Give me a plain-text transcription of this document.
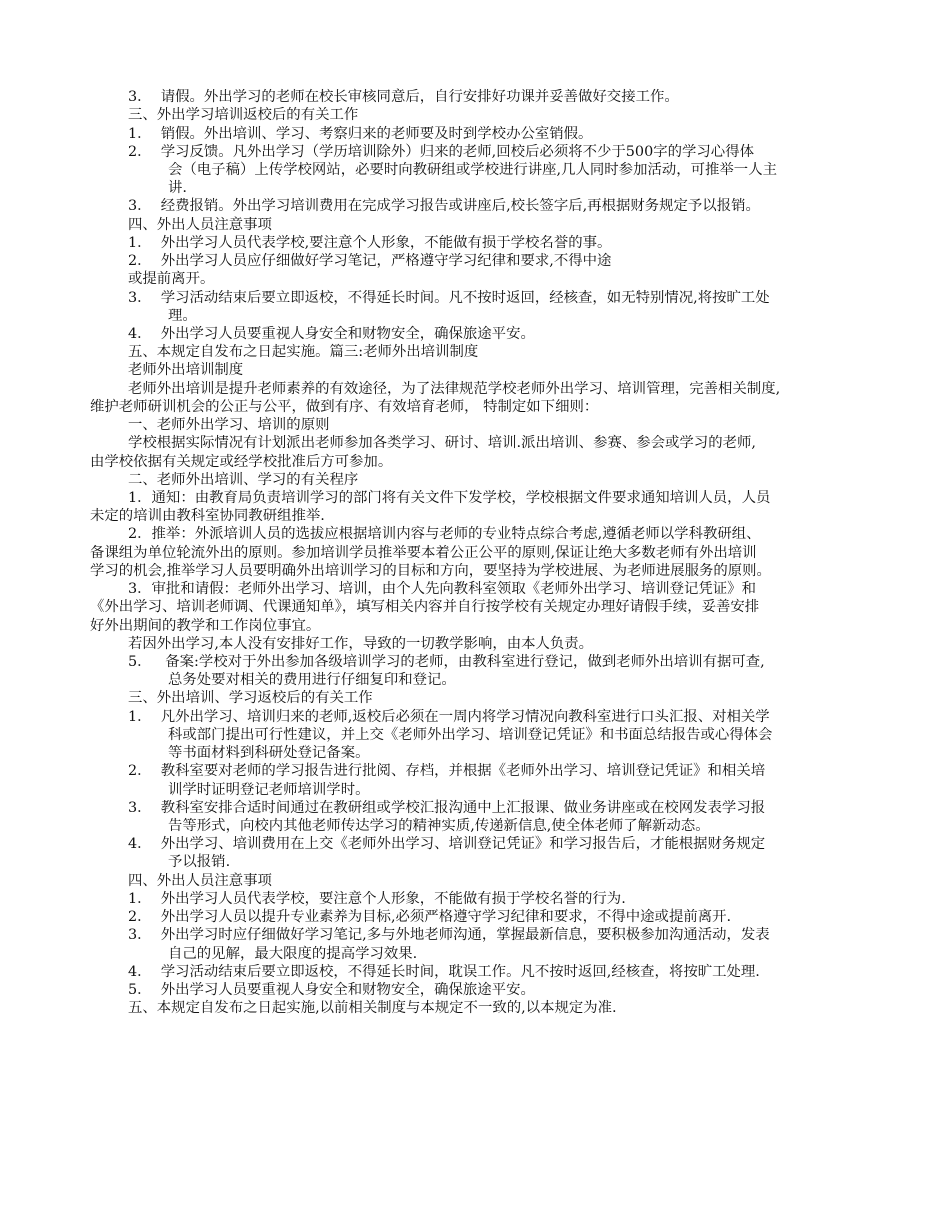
3．  请假。外出学习的老师在校长审核同意后，自行安排好功课并妥善做好交接工作。
三、外出学习培训返校后的有关工作
1．  销假。外出培训、学习、考察归来的老师要及时到学校办公室销假。
2．  学习反馈。凡外出学习（学历培训除外）归来的老师,回校后必须将不少于500字的学习心得体
会（电子稿）上传学校网站，必要时向教研组或学校进行讲座,几人同时参加活动，可推举一人主
讲.
3．  经费报销。外出学习培训费用在完成学习报告或讲座后,校长签字后,再根据财务规定予以报销。
四、外出人员注意事项
1．  外出学习人员代表学校,要注意个人形象，不能做有损于学校名誉的事。
2．  外出学习人员应仔细做好学习笔记，严格遵守学习纪律和要求,不得中途
或提前离开。
3．  学习活动结束后要立即返校，不得延长时间。凡不按时返回，经核查，如无特别情况,将按旷工处
理。
4．  外出学习人员要重视人身安全和财物安全，确保旅途平安。
五、本规定自发布之日起实施。篇三:老师外出培训制度
老师外出培训制度
老师外出培训是提升老师素养的有效途径，为了法律规范学校老师外出学习、培训管理，完善相关制度,
维护老师研训机会的公正与公平，做到有序、有效培育老师， 特制定如下细则：
一、老师外出学习、培训的原则
学校根据实际情况有计划派出老师参加各类学习、研讨、培训.派出培训、参赛、参会或学习的老师,
由学校依据有关规定或经学校批准后方可参加。
二、老师外出培训、学习的有关程序
1．通知：由教育局负责培训学习的部门将有关文件下发学校，学校根据文件要求通知培训人员，人员
未定的培训由教科室协同教研组推举.
2．推举：外派培训人员的选拔应根据培训内容与老师的专业特点综合考虑,遵循老师以学科教研组、
备课组为单位轮流外出的原则。参加培训学员推举要本着公正公平的原则,保证让绝大多数老师有外出培训
学习的机会,推举学习人员要明确外出培训学习的目标和方向，要坚持为学校进展、为老师进展服务的原则。
3．审批和请假：老师外出学习、培训，由个人先向教科室领取《老师外出学习、培训登记凭证》和
《外出学习、培训老师调、代课通知单》，填写相关内容并自行按学校有关规定办理好请假手续，妥善安排
好外出期间的教学和工作岗位事宜。
若因外出学习,本人没有安排好工作，导致的一切教学影响，由本人负责。
5．   备案:学校对于外出参加各级培训学习的老师，由教科室进行登记，做到老师外出培训有据可查,
总务处要对相关的费用进行仔细复印和登记。
三、外出培训、学习返校后的有关工作
1．  凡外出学习、培训归来的老师,返校后必须在一周内将学习情况向教科室进行口头汇报、对相关学
科或部门提出可行性建议，并上交《老师外出学习、培训登记凭证》和书面总结报告或心得体会
等书面材料到科研处登记备案。
2．  教科室要对老师的学习报告进行批阅、存档，并根据《老师外出学习、培训登记凭证》和相关培
训学时证明登记老师培训学时。
3．  教科室安排合适时间通过在教研组或学校汇报沟通中上汇报课、做业务讲座或在校网发表学习报
告等形式，向校内其他老师传达学习的精神实质,传递新信息,使全体老师了解新动态。
4．  外出学习、培训费用在上交《老师外出学习、培训登记凭证》和学习报告后，才能根据财务规定
予以报销.
四、外出人员注意事项
1．  外出学习人员代表学校，要注意个人形象，不能做有损于学校名誉的行为.
2．  外出学习人员以提升专业素养为目标,必须严格遵守学习纪律和要求，不得中途或提前离开.
3．  外出学习时应仔细做好学习笔记,多与外地老师沟通，掌握最新信息，要积极参加沟通活动，发表
自己的见解，最大限度的提高学习效果.
4．  学习活动结束后要立即返校，不得延长时间，耽误工作。凡不按时返回,经核查，将按旷工处理.
5．  外出学习人员要重视人身安全和财物安全，确保旅途平安。
五、本规定自发布之日起实施,以前相关制度与本规定不一致的,以本规定为准.
